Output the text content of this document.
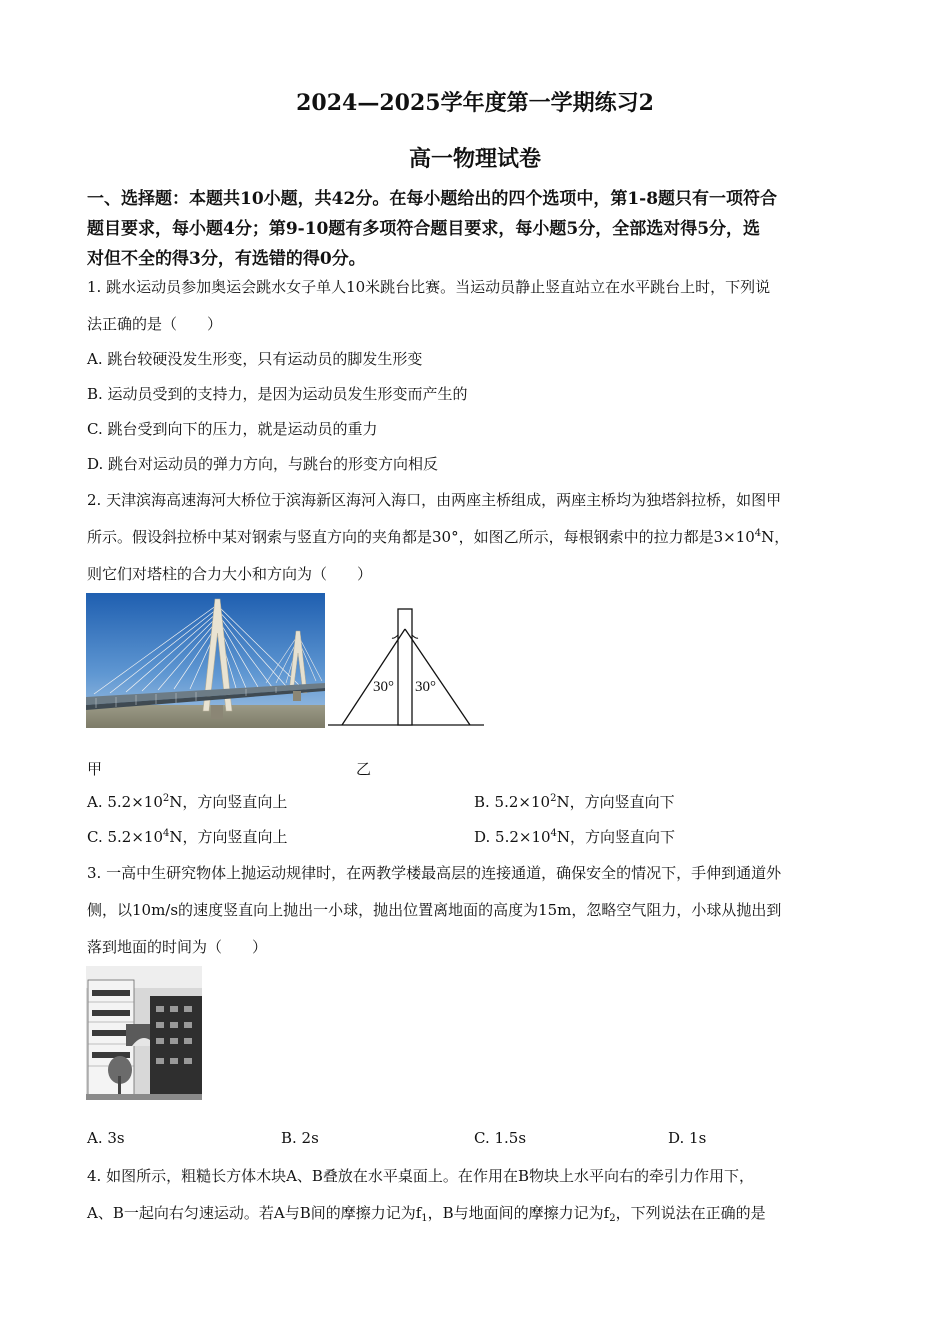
2024—2025学年度第一学期练习2
高一物理试卷
一、选择题：本题共10小题，共42分。在每小题给出的四个选项中，第1-8题只有一项符合
题目要求，每小题4分；第9-10题有多项符合题目要求，每小题5分，全部选对得5分，选
对但不全的得3分，有选错的得0分。
1. 跳水运动员参加奥运会跳水女子单人10米跳台比赛。当运动员静止竖直站立在水平跳台上时，下列说
法正确的是（　　）
A. 跳台较硬没发生形变，只有运动员的脚发生形变
B. 运动员受到的支持力，是因为运动员发生形变而产生的
C. 跳台受到向下的压力，就是运动员的重力
D. 跳台对运动员的弹力方向，与跳台的形变方向相反
2. 天津滨海高速海河大桥位于滨海新区海河入海口，由两座主桥组成，两座主桥均为独塔斜拉桥，如图甲
所示。假设斜拉桥中某对钢索与竖直方向的夹角都是30°，如图乙所示，每根钢索中的拉力都是$3\times 10^4N$，
则它们对塔柱的合力大小和方向为（　　）
30° 30°
甲	乙
A. $5.2\times 10^2N$，方向竖直向上	B. $5.2\times 10^2N$，方向竖直向下
C. $5.2\times 10^4N$，方向竖直向上	D. $5.2\times 10^4N$，方向竖直向下
3. 一高中生研究物体上抛运动规律时，在两教学楼最高层的连接通道，确保安全的情况下，手伸到通道外
侧，以10m/s的速度竖直向上抛出一小球，抛出位置离地面的高度为15m，忽略空气阻力，小球从抛出到
落到地面的时间为（　　）
A. 3s	B. 2s	C. 1.5s	D. 1s
4. 如图所示，粗糙长方体木块A、B叠放在水平桌面上。在作用在B物块上水平向右的牵引力作用下，
A、B一起向右匀速运动。若A与B间的摩擦力记为$f_1$，B与地面间的摩擦力记为$f_2$，下列说法在正确的是
